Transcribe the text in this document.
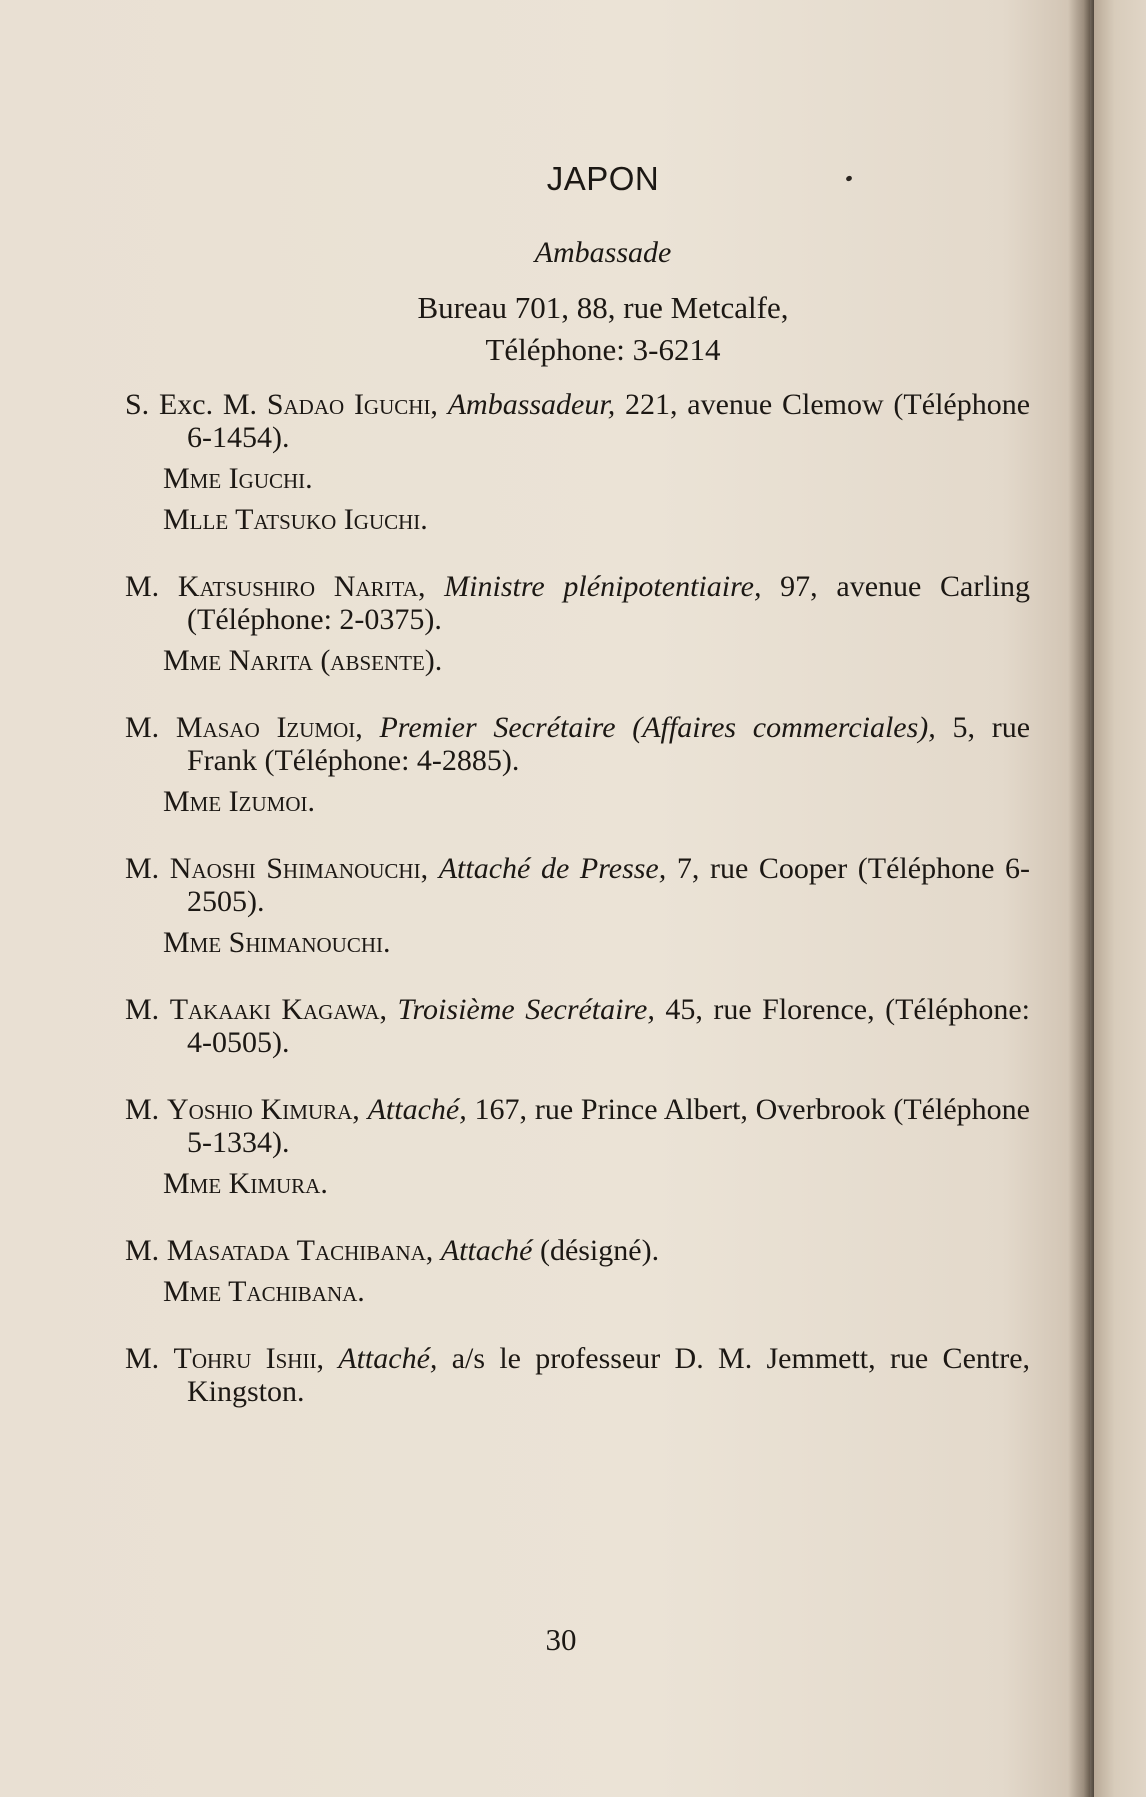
JAPON
Ambassade
Bureau 701, 88, rue Metcalfe,
Téléphone: 3-6214
S. Exc. M. Sadao Iguchi, Ambassadeur, 221, avenue Clemow (Téléphone 6-1454).
Mme Iguchi.
Mlle Tatsuko Iguchi.
M. Katsushiro Narita, Ministre plénipotentiaire, 97, avenue Carling (Téléphone: 2-0375).
Mme Narita (absente).
M. Masao Izumoi, Premier Secrétaire (Affaires commerciales), 5, rue Frank (Téléphone: 4-2885).
Mme Izumoi.
M. Naoshi Shimanouchi, Attaché de Presse, 7, rue Cooper (Téléphone 6-2505).
Mme Shimanouchi.
M. Takaaki Kagawa, Troisième Secrétaire, 45, rue Florence, (Téléphone: 4-0505).
M. Yoshio Kimura, Attaché, 167, rue Prince Albert, Overbrook (Téléphone 5-1334).
Mme Kimura.
M. Masatada Tachibana, Attaché (désigné).
Mme Tachibana.
M. Tohru Ishii, Attaché, a/s le professeur D. M. Jemmett, rue Centre, Kingston.
30
